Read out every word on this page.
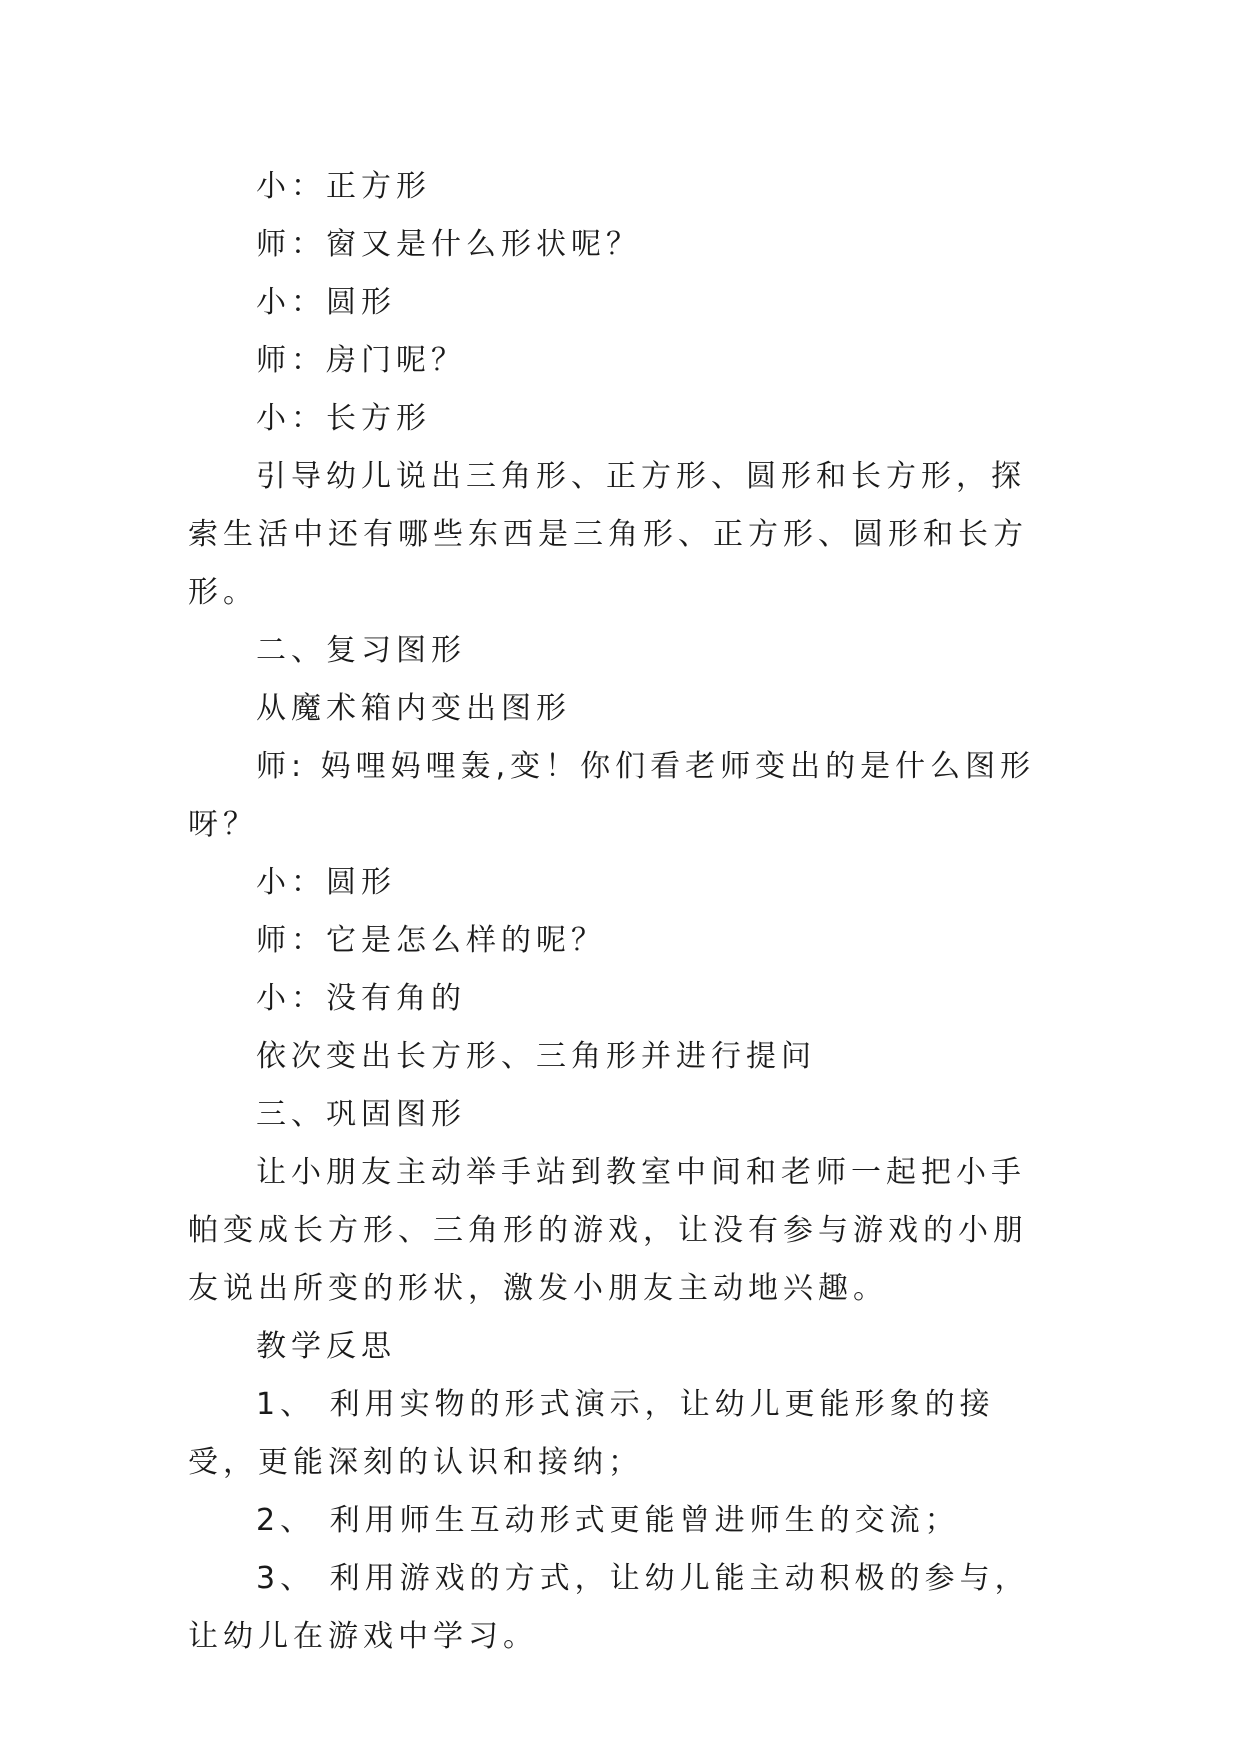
小：正方形

师：窗又是什么形状呢？

小：圆形

师：房门呢？

小：长方形

引导幼儿说出三角形、正方形、圆形和长方形，探索生活中还有哪些东西是三角形、正方形、圆形和长方形。

二、复习图形

从魔术箱内变出图形

师: 妈哩妈哩轰,变！你们看老师变出的是什么图形呀？

小：圆形

师：它是怎么样的呢？

小：没有角的

依次变出长方形、三角形并进行提问

三、巩固图形

让小朋友主动举手站到教室中间和老师一起把小手帕变成长方形、三角形的游戏，让没有参与游戏的小朋友说出所变的形状，激发小朋友主动地兴趣。

教学反思

1、 利用实物的形式演示，让幼儿更能形象的接受，更能深刻的认识和接纳；

2、 利用师生互动形式更能曾进师生的交流；

3、 利用游戏的方式，让幼儿能主动积极的参与，让幼儿在游戏中学习。
